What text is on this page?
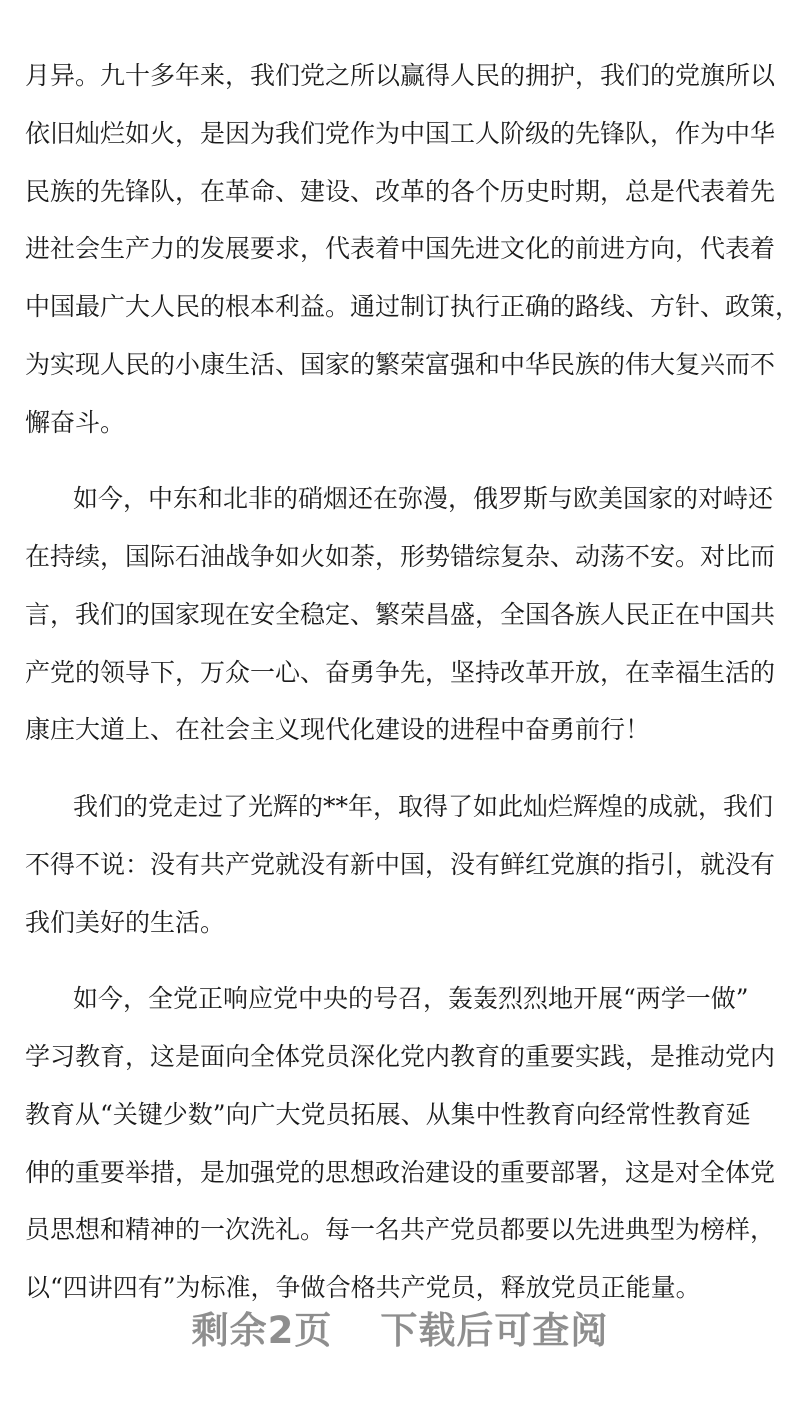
月异。九十多年来，我们党之所以赢得人民的拥护，我们的党旗所以
依旧灿烂如火，是因为我们党作为中国工人阶级的先锋队，作为中华
民族的先锋队，在革命、建设、改革的各个历史时期，总是代表着先
进社会生产力的发展要求，代表着中国先进文化的前进方向，代表着
中国最广大人民的根本利益。通过制订执行正确的路线、方针、政策，
为实现人民的小康生活、国家的繁荣富强和中华民族的伟大复兴而不
懈奋斗。
如今，中东和北非的硝烟还在弥漫，俄罗斯与欧美国家的对峙还
在持续，国际石油战争如火如荼，形势错综复杂、动荡不安。对比而
言，我们的国家现在安全稳定、繁荣昌盛，全国各族人民正在中国共
产党的领导下，万众一心、奋勇争先，坚持改革开放，在幸福生活的
康庄大道上、在社会主义现代化建设的进程中奋勇前行！
我们的党走过了光辉的**年，取得了如此灿烂辉煌的成就，我们
不得不说：没有共产党就没有新中国，没有鲜红党旗的指引，就没有
我们美好的生活。
如今，全党正响应党中央的号召，轰轰烈烈地开展“两学一做”
学习教育，这是面向全体党员深化党内教育的重要实践，是推动党内
教育从“关键少数”向广大党员拓展、从集中性教育向经常性教育延
伸的重要举措，是加强党的思想政治建设的重要部署，这是对全体党
员思想和精神的一次洗礼。每一名共产党员都要以先进典型为榜样，
以“四讲四有”为标准，争做合格共产党员，释放党员正能量。
剩余2页 下载后可查阅
